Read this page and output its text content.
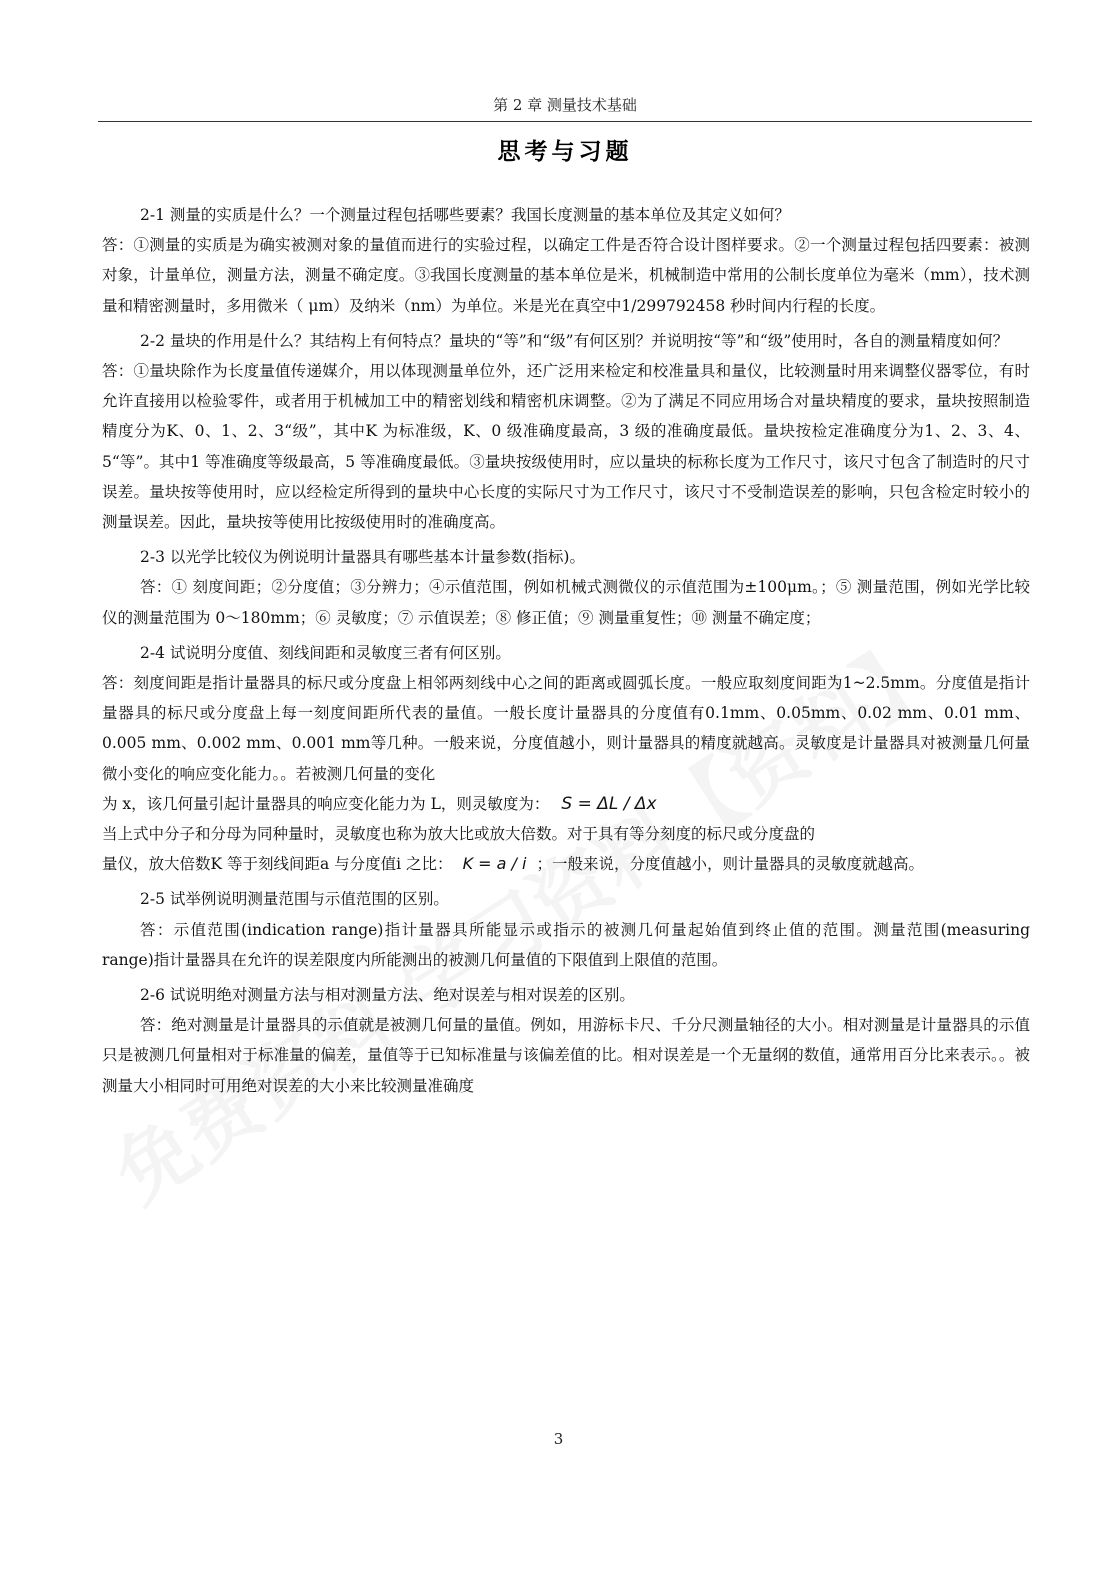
第 2 章 测量技术基础
思考与习题

2-1 测量的实质是什么？一个测量过程包括哪些要素？我国长度测量的基本单位及其定义如何？

答：①测量的实质是为确实被测对象的量值而进行的实验过程，以确定工件是否符合设计图样要求。②一个测量过程包括四要素：被测对象，计量单位，测量方法，测量不确定度。③我国长度测量的基本单位是米，机械制造中常用的公制长度单位为毫米（mm），技术测量和精密测量时，多用微米（ μm）及纳米（nm）为单位。米是光在真空中1/299792458 秒时间内行程的长度。

2-2 量块的作用是什么？其结构上有何特点？量块的“等”和“级”有何区别？并说明按“等”和“级”使用时，各自的测量精度如何？

答：①量块除作为长度量值传递媒介，用以体现测量单位外，还广泛用来检定和校准量具和量仪，比较测量时用来调整仪器零位，有时允许直接用以检验零件，或者用于机械加工中的精密划线和精密机床调整。②为了满足不同应用场合对量块精度的要求，量块按照制造精度分为K、0、1、2、3“级”，其中K 为标准级，K、0 级准确度最高，3 级的准确度最低。量块按检定准确度分为1、2、3、4、5“等”。其中1 等准确度等级最高，5 等准确度最低。③量块按级使用时，应以量块的标称长度为工作尺寸，该尺寸包含了制造时的尺寸误差。量块按等使用时，应以经检定所得到的量块中心长度的实际尺寸为工作尺寸，该尺寸不受制造误差的影响，只包含检定时较小的测量误差。因此，量块按等使用比按级使用时的准确度高。

2-3 以光学比较仪为例说明计量器具有哪些基本计量参数(指标)。

答：① 刻度间距；②分度值；③分辨力；④示值范围，例如机械式测微仪的示值范围为±100μm。；⑤ 测量范围，例如光学比较仪的测量范围为 0～180mm；⑥ 灵敏度；⑦ 示值误差；⑧ 修正值；⑨ 测量重复性；⑩ 测量不确定度；

2-4 试说明分度值、刻线间距和灵敏度三者有何区别。

答：刻度间距是指计量器具的标尺或分度盘上相邻两刻线中心之间的距离或圆弧长度。一般应取刻度间距为1~2.5mm。分度值是指计量器具的标尺或分度盘上每一刻度间距所代表的量值。一般长度计量器具的分度值有0.1mm、0.05mm、0.02 mm、0.01 mm、0.005 mm、0.002 mm、0.001 mm等几种。一般来说，分度值越小，则计量器具的精度就越高。灵敏度是计量器具对被测量几何量微小变化的响应变化能力。。若被测几何量的变化

为 x，该几何量引起计量器具的响应变化能力为 L，则灵敏度为： S = ΔL / Δx

当上式中分子和分母为同种量时，灵敏度也称为放大比或放大倍数。对于具有等分刻度的标尺或分度盘的

量仪，放大倍数K 等于刻线间距a 与分度值i 之比： K = a / i ；一般来说，分度值越小，则计量器具的灵敏度就越高。

2-5 试举例说明测量范围与示值范围的区别。

答：示值范围(indication range)指计量器具所能显示或指示的被测几何量起始值到终止值的范围。测量范围(measuring range)指计量器具在允许的误差限度内所能测出的被测几何量值的下限值到上限值的范围。

2-6 试说明绝对测量方法与相对测量方法、绝对误差与相对误差的区别。

答：绝对测量是计量器具的示值就是被测几何量的量值。例如，用游标卡尺、千分尺测量轴径的大小。相对测量是计量器具的示值只是被测几何量相对于标准量的偏差，量值等于已知标准量与该偏差值的比。相对误差是一个无量纲的数值，通常用百分比来表示。。被测量大小相同时可用绝对误差的大小来比较测量准确度

3
